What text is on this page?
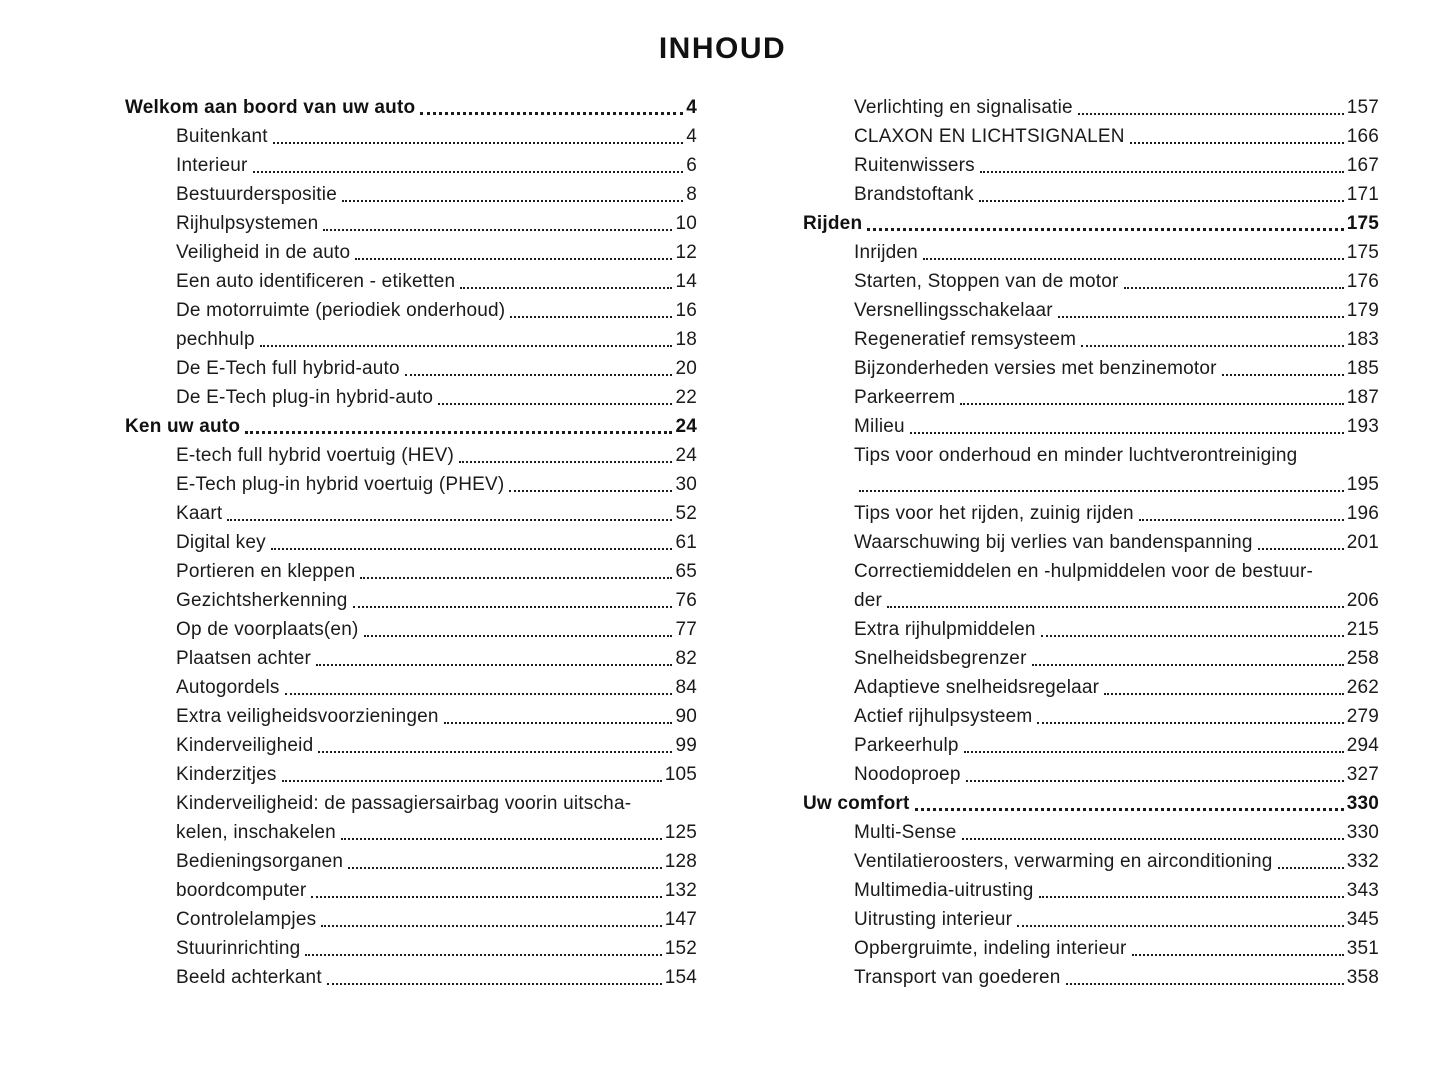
INHOUD
Welkom aan boord van uw auto	4
Buitenkant	4
Interieur	6
Bestuurderspositie	8
Rijhulpsystemen	10
Veiligheid in de auto	12
Een auto identificeren - etiketten	14
De motorruimte (periodiek onderhoud)	16
pechhulp	18
De E-Tech full hybrid-auto	20
De E-Tech plug-in hybrid-auto	22
Ken uw auto	24
E-tech full hybrid voertuig (HEV)	24
E-Tech plug-in hybrid voertuig (PHEV)	30
Kaart	52
Digital key	61
Portieren en kleppen	65
Gezichtsherkenning	76
Op de voorplaats(en)	77
Plaatsen achter	82
Autogordels	84
Extra veiligheidsvoorzieningen	90
Kinderveiligheid	99
Kinderzitjes	105
Kinderveiligheid: de passagiersairbag voorin uitscha-
kelen, inschakelen	125
Bedieningsorganen	128
boordcomputer	132
Controlelampjes	147
Stuurinrichting	152
Beeld achterkant	154
Verlichting en signalisatie	157
CLAXON EN LICHTSIGNALEN	166
Ruitenwissers	167
Brandstoftank	171
Rijden	175
Inrijden	175
Starten, Stoppen van de motor	176
Versnellingsschakelaar	179
Regeneratief remsysteem	183
Bijzonderheden versies met benzinemotor	185
Parkeerrem	187
Milieu	193
Tips voor onderhoud en minder luchtverontreiniging
195
Tips voor het rijden, zuinig rijden	196
Waarschuwing bij verlies van bandenspanning	201
Correctiemiddelen en -hulpmiddelen voor de bestuur-
der	206
Extra rijhulpmiddelen	215
Snelheidsbegrenzer	258
Adaptieve snelheidsregelaar	262
Actief rijhulpsysteem	279
Parkeerhulp	294
Noodoproep	327
Uw comfort	330
Multi-Sense	330
Ventilatieroosters, verwarming en airconditioning	332
Multimedia-uitrusting	343
Uitrusting interieur	345
Opbergruimte, indeling interieur	351
Transport van goederen	358
